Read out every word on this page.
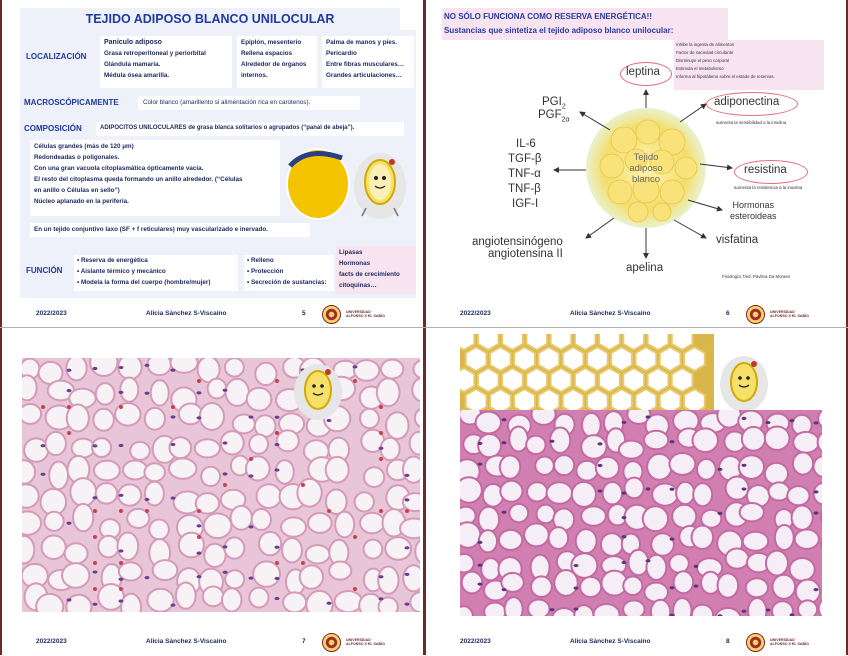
TEJIDO ADIPOSO BLANCO UNILOCULAR
LOCALIZACIÓN
Panículo adiposo
Grasa retroperitoneal y periorbital
Glándula mamaria.
Médula ósea amarilla.
Epiplón, mesenterio
Rellena espacios
Alrededor de órganos
internos.
Palma de manos y pies.
Pericardio
Entre fibras musculares…
Grandes articulaciones…
MACROSCÓPICAMENTE	Color blanco (amarillento si alimentación rica en carotenos).
COMPOSICIÓN	ADIPOCITOS UNILOCULARES de grasa blanca solitarios o agrupados (“panal de abeja”).
Células grandes (más de 120 μm)
Redondeadas o poligonales.
Con una gran vacuola citoplasmática ópticamente vacía.
El resto del citoplasma queda formando un anillo alrededor. (“Células
en anillo o Células en sello”)
Núcleo aplanado en la periferia.
En un tejido conjuntivo laxo (SF + f reticulares) muy vascularizado e inervado.
FUNCIÓN
• Reserva de energética
• Aislante térmico y mecánico
• Modela la forma del cuerpo (hombre/mujer)
• Relleno
• Protección
• Secreción de sustancias:
Lipasas
Hormonas
facts de crecimiento
citoquinas…
2022/2023	Alicia Sánchez S-Viscaíno	5	UNIVERSIDAD
ALFONSO X EL SABIO
NO SÓLO FUNCIONA COMO RESERVA ENERGÉTICA!!
Sustancias que sintetiza el tejido adiposo blanco unilocular:
Tejido
adiposo
blanco
leptina
Inhibe la ingesta de alimentos
Factor de saciedad circulante
Disminuye el peso corporal
Estimula el metabolismo
Informa al hipotálamo sobre el estado de reservas.
adiponectina
aumenta la sensibilidad a la insulina
resistina
aumenta la resistencia a la insulina
Hormonas
esteroideas
visfatina
apelina
angiotensinógeno
angiotensina II
$PGI_2$
$PGF_{2\alpha}$
IL-6
TGF-β
TNF-α
TNF-β
IGF-I
Fisiología 7/ed. Pavlina Da Moraes
2022/2023	Alicia Sánchez S-Viscaíno	6	UNIVERSIDAD
ALFONSO X EL SABIO
2022/2023	Alicia Sánchez S-Viscaíno	7	UNIVERSIDAD
ALFONSO X EL SABIO	2022/2023	Alicia Sánchez S-Viscaíno	8	UNIVERSIDAD
ALFONSO X EL SABIO
